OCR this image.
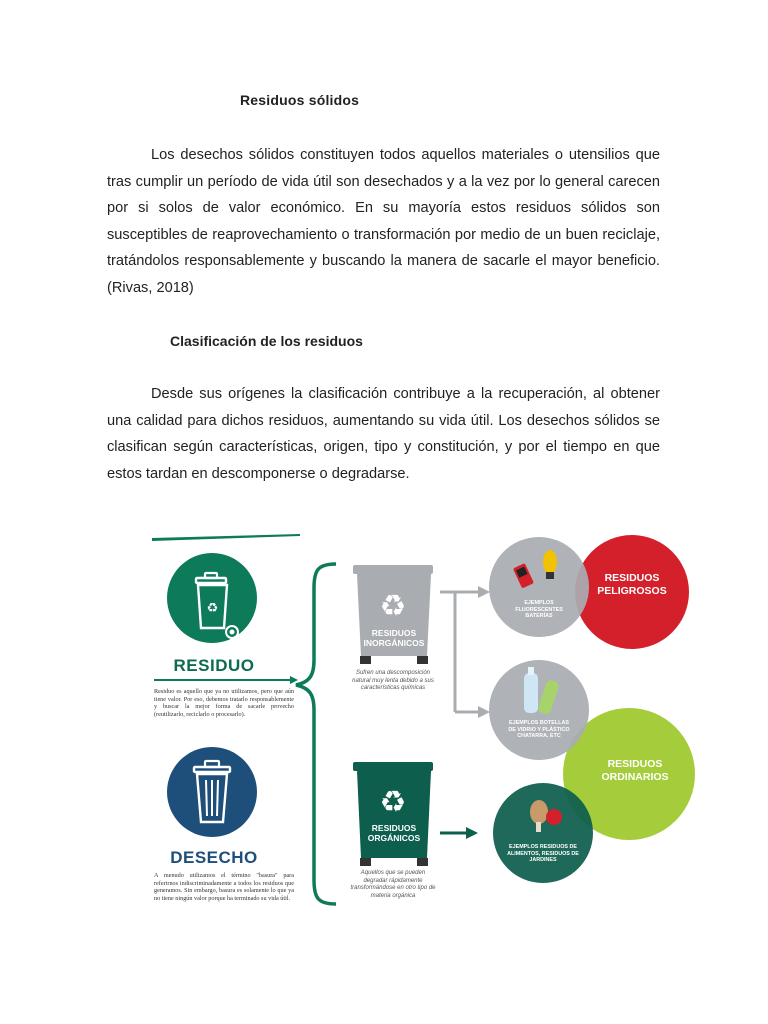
Residuos sólidos

Los desechos sólidos constituyen todos aquellos materiales o utensilios que tras cumplir un período de vida útil son desechados y a la vez por lo general carecen por si solos de valor económico. En su mayoría estos residuos sólidos son susceptibles de reaprovechamiento o transformación por medio de un buen reciclaje, tratándolos responsablemente y buscando la manera de sacarle el mayor beneficio. (Rivas, 2018)

Clasificación de los residuos

Desde sus orígenes la clasificación contribuye a la recuperación, al obtener una calidad para dichos residuos, aumentando su vida útil. Los desechos sólidos se clasifican según características, origen, tipo y constitución, y por el tiempo en que estos tardan en descomponerse o degradarse.

♻	♻
♻
RESIDUO
Residuo es aquello que ya no utilizamos, pero que aún tiene valor. Por eso, debemos tratarlo responsablemente y buscar la mejor forma de sacarle provecho (reutilizarlo, reciclarlo o procesarlo).
DESECHO
A menudo utilizamos el término "basura" para referirnos indiscriminadamente a todos los residuos que generamos. Sin embargo, basura es solamente lo que ya no tiene ningún valor porque ha terminado su vida útil.
RESIDUOS
INORGÁNICOS
Sufren una descomposición natural muy lenta debido a sus características químicas
RESIDUOS
ORGÁNICOS
Aquellos que se pueden degradar rápidamente transformándose en otro tipo de materia orgánica
EJEMPLOS FLUORESCENTES BATERÍAS
EJEMPLOS BOTELLAS DE VIDRIO Y PLÁSTICO CHATARRA, ETC
EJEMPLOS RESIDUOS DE ALIMENTOS, RESIDUOS DE JARDINES
RESIDUOS
PELIGROSOS
RESIDUOS
ORDINARIOS
